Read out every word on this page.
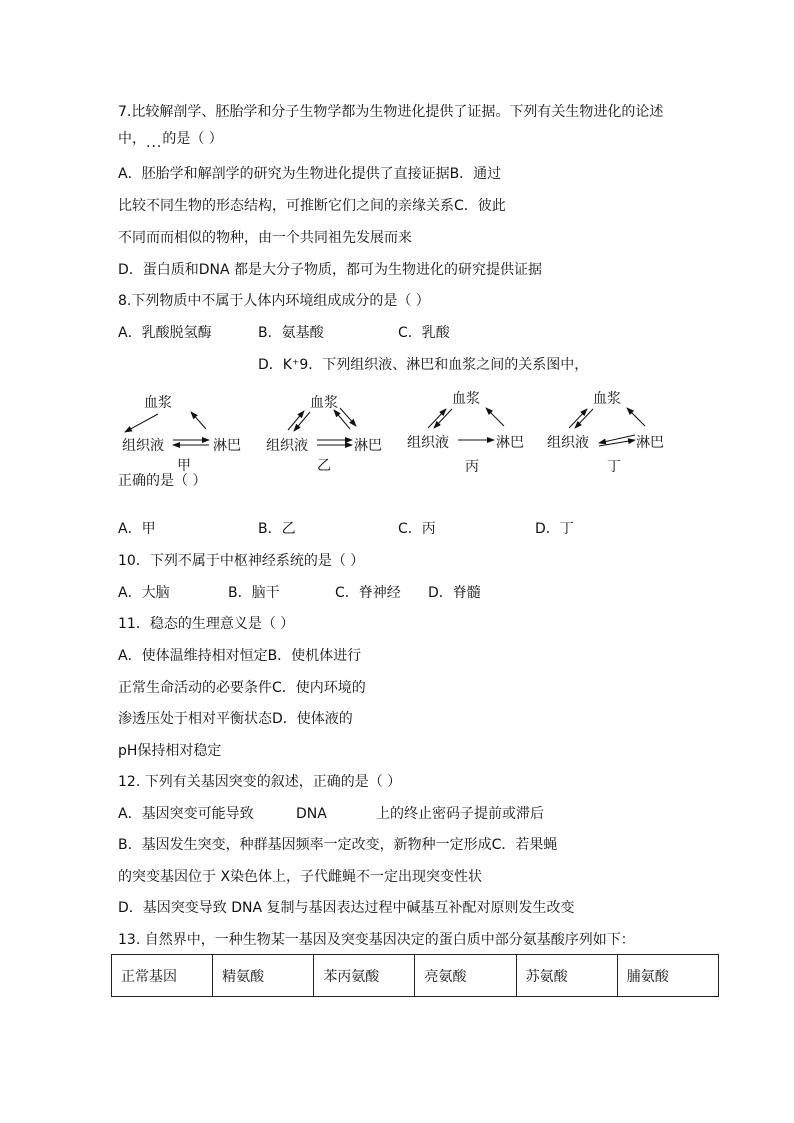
7.比较解剖学、胚胎学和分子生物学都为生物进化提供了证据。下列有关生物进化的论述
中，...的是（ ）
A．胚胎学和解剖学的研究为生物进化提供了直接证据B．通过
比较不同生物的形态结构，可推断它们之间的亲缘关系C．彼此
不同而而相似的物种，由一个共同祖先发展而来
D．蛋白质和DNA 都是大分子物质，都可为生物进化的研究提供证据
8.下列物质中不属于人体内环境组成成分的是（ ）
A．乳酸脱氢酶	B．氨基酸	C．乳酸
D．K⁺9．下列组织液、淋巴和血浆之间的关系图中，
血浆
组织液	淋巴
甲
血浆
组织液	淋巴
乙
血浆
组织液	淋巴
丙
血浆
组织液	淋巴
丁
正确的是（ ）
A．甲	B．乙	C．丙	D．丁
10．下列不属于中枢神经系统的是（ ）
A．大脑	B．脑干	C．脊神经 D．脊髓
11．稳态的生理意义是（ ）
A．使体温维持相对恒定B．使机体进行
正常生命活动的必要条件C．使内环境的
渗透压处于相对平衡状态D．使体液的
pH保持相对稳定
12. 下列有关基因突变的叙述，正确的是（ ）
A．基因突变可能导致	DNA	上的终止密码子提前或滞后
B．基因发生突变，种群基因频率一定改变，新物种一定形成C．若果蝇
的突变基因位于 X染色体上，子代雌蝇不一定出现突变性状
D．基因突变导致 DNA 复制与基因表达过程中碱基互补配对原则发生改变
13. 自然界中，一种生物某一基因及突变基因决定的蛋白质中部分氨基酸序列如下：
正常基因	精氨酸	苯丙氨酸	亮氨酸	苏氨酸	脯氨酸
